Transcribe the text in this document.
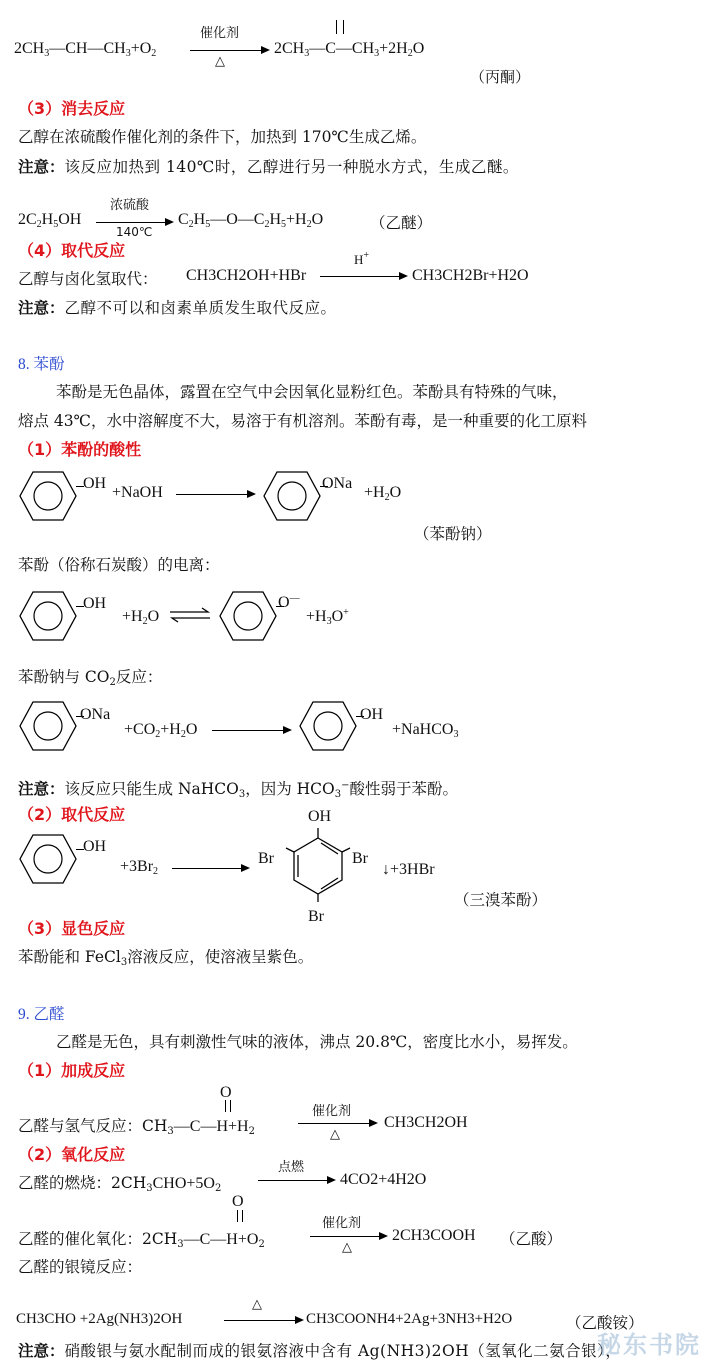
$2CH_3—CH—CH_3+O_2$
催化剂
△
$2CH_3—C—CH_3+2H_2O$
（丙酮）
（3）消去反应
乙醇在浓硫酸作催化剂的条件下，加热到 170℃生成乙烯。
注意：该反应加热到 140℃时，乙醇进行另一种脱水方式，生成乙醚。
$2C_2H_5OH$
浓硫酸
140℃
$C_2H_5—O—C_2H_5+H_2O$	（乙醚）
（4）取代反应
乙醇与卤化氢取代： CH3CH2OH+HBr
H+
CH3CH2Br+H2O
注意：乙醇不可以和卤素单质发生取代反应。
8. 苯酚
苯酚是无色晶体，露置在空气中会因氧化显粉红色。苯酚具有特殊的气味，
熔点 43℃，水中溶解度不大，易溶于有机溶剂。苯酚有毒，是一种重要的化工原料
（1）苯酚的酸性
OH
+NaOH
ONa
$+H_2O$
（苯酚钠）
苯酚（俗称石炭酸）的电离：
OH
$+H_2O$ ⇌
O—
$+H_3O^+$
苯酚钠与 $CO_2$反应：
ONa
$+CO_2+H_2O$
OH
+NaHCO$_3$
注意：该反应只能生成 NaHCO$_3$，因为 $HCO_3^-$酸性弱于苯酚。
（2）取代反应
OH
$+3Br_2$
OH
Br	Br
Br
↓+3HBr
（三溴苯酚）
（3）显色反应
苯酚能和 FeCl$_3$溶液反应，使溶液呈紫色。
9. 乙醛
乙醛是无色，具有刺激性气味的液体，沸点 20.8℃，密度比水小，易挥发。
（1）加成反应
O
乙醛与氢气反应：$CH_3—C—H+H_2$
催化剂
△
CH3CH2OH
（2）氧化反应
乙醛的燃烧：$2CH_3CHO+5O_2$
点燃
4CO2+4H2O
O
乙醛的催化氧化：$2CH_3—C—H+O_2$
催化剂
△
2CH3COOH （乙酸）
乙醛的银镜反应：
CH3CHO +2Ag(NH3)2OH
△
CH3COONH4+2Ag+3NH3+H2O	（乙酸铵）
注意：硝酸银与氨水配制而成的银氨溶液中含有 Ag(NH3)2OH（氢氧化二氨合银），
秘东书院
